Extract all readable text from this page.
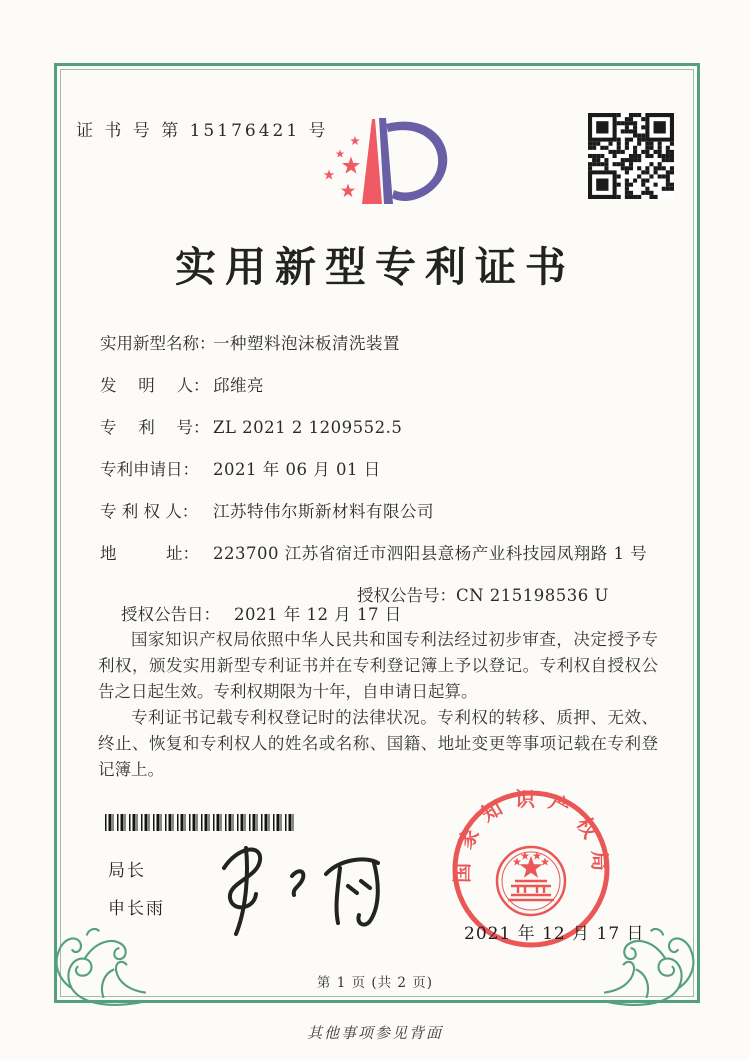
证 书 号 第 15176421 号
实用新型专利证书
实用新型名称：一种塑料泡沫板清洗装置
发　 明 　人： 邱维亮
专　 利 　号： ZL 2021 2 1209552.5
专利申请日： 2021 年 06 月 01 日
专 利 权 人： 江苏特伟尔斯新材料有限公司
地　　　址： 223700 江苏省宿迁市泗阳县意杨产业科技园凤翔路 1 号

授权公告日： 2021 年 12 月 17 日

授权公告号：CN 215198536 U

国家知识产权局依照中华人民共和国专利法经过初步审查，决定授予专利权，颁发实用新型专利证书并在专利登记簿上予以登记。专利权自授权公告之日起生效。专利权期限为十年，自申请日起算。

专利证书记载专利权登记时的法律状况。专利权的转移、质押、无效、终止、恢复和专利权人的姓名或名称、国籍、地址变更等事项记载在专利登记簿上。

局长
申长雨
国家知识产权局
2021 年 12 月 17 日
第 1 页 (共 2 页)
其他事项参见背面
